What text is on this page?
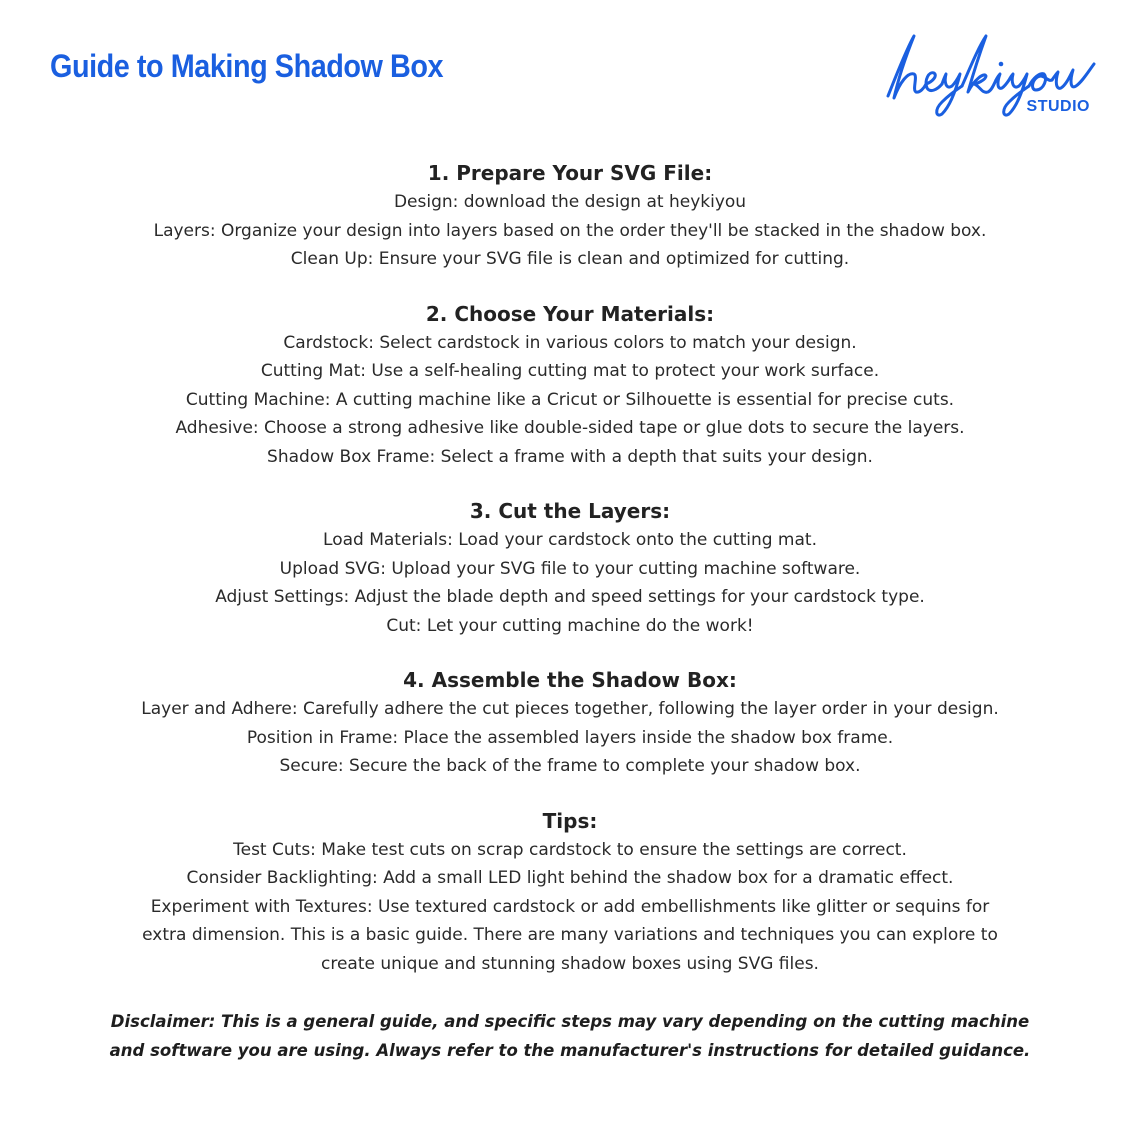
Guide to Making Shadow Box
STUDIO
1. Prepare Your SVG File:

Design: download the design at heykiyou

Layers: Organize your design into layers based on the order they'll be stacked in the shadow box.

Clean Up: Ensure your SVG file is clean and optimized for cutting.

2. Choose Your Materials:

Cardstock: Select cardstock in various colors to match your design.

Cutting Mat: Use a self-healing cutting mat to protect your work surface.

Cutting Machine: A cutting machine like a Cricut or Silhouette is essential for precise cuts.

Adhesive: Choose a strong adhesive like double-sided tape or glue dots to secure the layers.

Shadow Box Frame: Select a frame with a depth that suits your design.

3. Cut the Layers:

Load Materials: Load your cardstock onto the cutting mat.

Upload SVG: Upload your SVG file to your cutting machine software.

Adjust Settings: Adjust the blade depth and speed settings for your cardstock type.

Cut: Let your cutting machine do the work!

4. Assemble the Shadow Box:

Layer and Adhere: Carefully adhere the cut pieces together, following the layer order in your design.

Position in Frame: Place the assembled layers inside the shadow box frame.

Secure: Secure the back of the frame to complete your shadow box.

Tips:

Test Cuts: Make test cuts on scrap cardstock to ensure the settings are correct.

Consider Backlighting: Add a small LED light behind the shadow box for a dramatic effect.

Experiment with Textures: Use textured cardstock or add embellishments like glitter or sequins for

extra dimension. This is a basic guide. There are many variations and techniques you can explore to

create unique and stunning shadow boxes using SVG files.

Disclaimer: This is a general guide, and specific steps may vary depending on the cutting machine
and software you are using. Always refer to the manufacturer's instructions for detailed guidance.
